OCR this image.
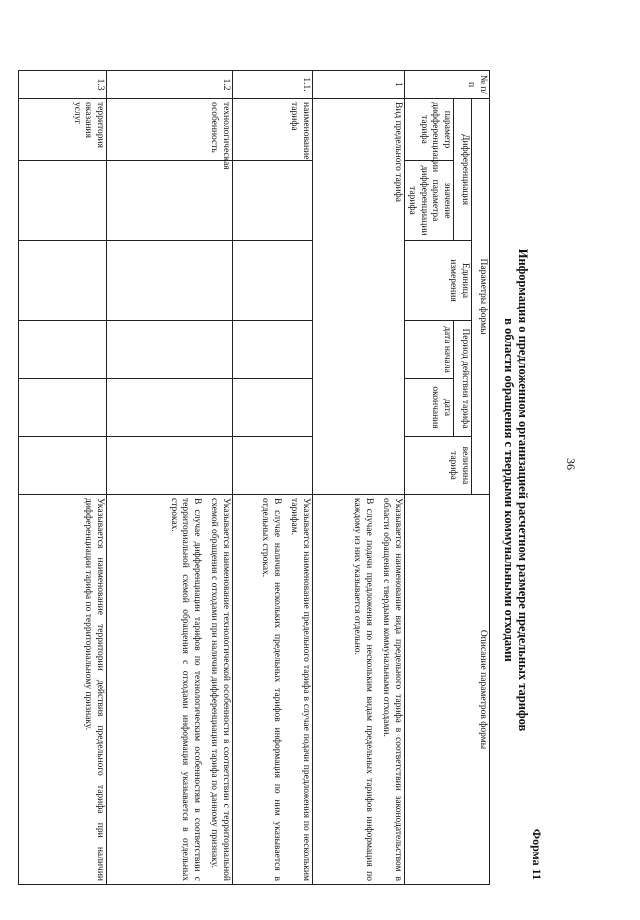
36
Форма 11
Информация о предложенном организацией расчетном размере предельных тарифов
в области обращения с твердыми коммунальными отходами
№ п/п	Параметры формы						Описание параметров формы
	Дифференциация		Единица измерения	Период действия тарифа		величина тарифа	
	параметр дифференциации тарифа	значение параметра дифференциации тарифа		дата начала	дата окончания		
1	Вид предельного тарифа						Указывается наименование вида предельного тарифа в соответствии законодательством в области обращения с твердыми коммунальными отходами.

В случае подачи предложения по нескольким видам предельных тарифов информация по каждому из них указывается отдельно.

1.1.	наименование тарифа						Указывается наименование предельного тарифа в случае подачи предложения по нескольким тарифам.

В случае наличия нескольких предельных тарифов информация по ним указывается в отдельных строках.

1.2	технологическая особенность						Указывается наименование технологической особенности в соответствии с территориальной схемой обращения с отходами при наличии дифференциации тарифа по данному признаку.

В случае дифференциации тарифов по технологическим особенностям в соответствии с территориальной схемой обращения с отходами информация указывается в отдельных строках.

1.3	территория оказания услуг						Указывается наименование территории действия предельного тарифа при наличии дифференциации тарифа по территориальному признаку.
